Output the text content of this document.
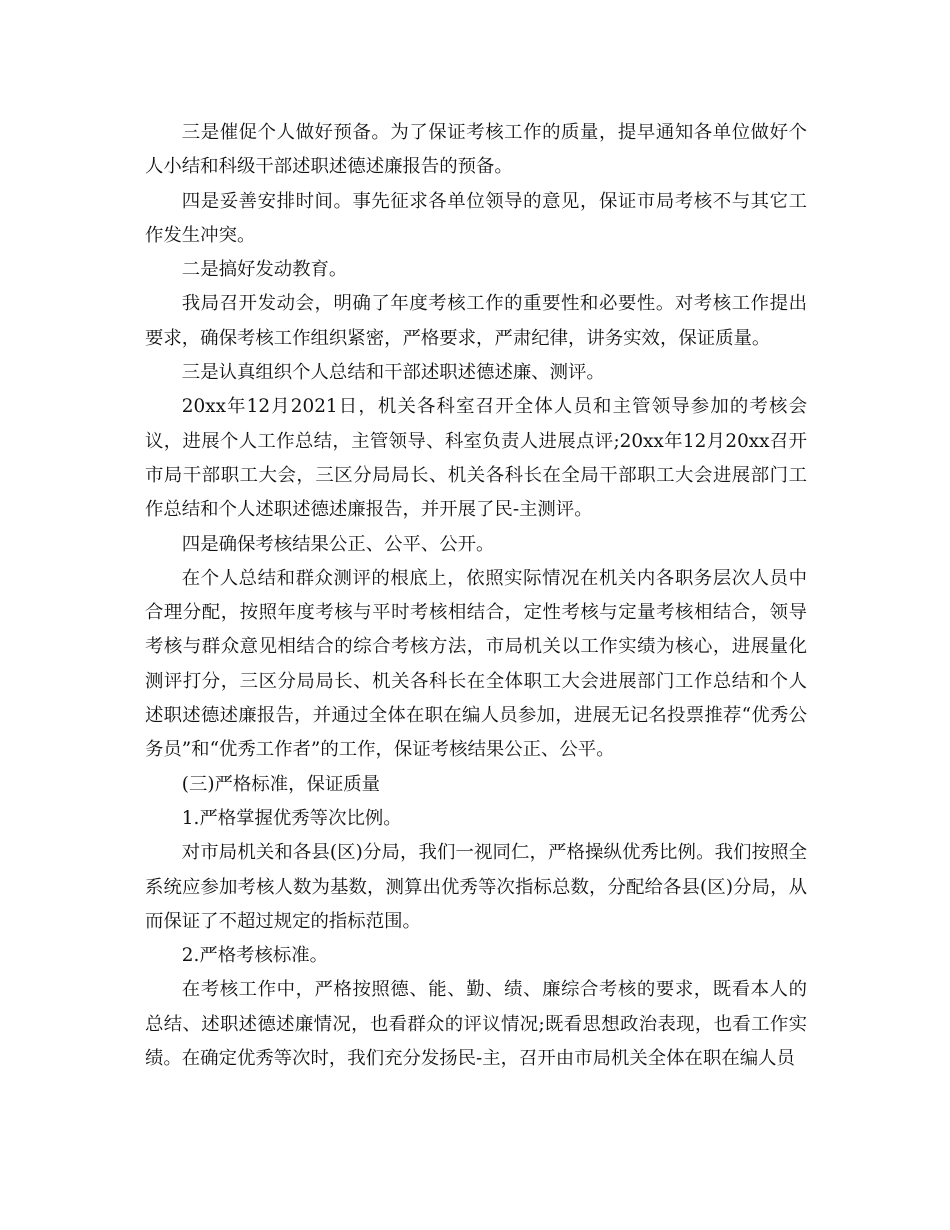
三是催促个人做好预备。为了保证考核工作的质量，提早通知各单位做好个人小结和科级干部述职述德述廉报告的预备。

四是妥善安排时间。事先征求各单位领导的意见，保证市局考核不与其它工作发生冲突。

二是搞好发动教育。

我局召开发动会，明确了年度考核工作的重要性和必要性。对考核工作提出要求，确保考核工作组织紧密，严格要求，严肃纪律，讲务实效，保证质量。

三是认真组织个人总结和干部述职述德述廉、测评。

20xx年12月2021日，机关各科室召开全体人员和主管领导参加的考核会议，进展个人工作总结，主管领导、科室负责人进展点评;20xx年12月20xx召开市局干部职工大会，三区分局局长、机关各科长在全局干部职工大会进展部门工作总结和个人述职述德述廉报告，并开展了民-主测评。

四是确保考核结果公正、公平、公开。

在个人总结和群众测评的根底上，依照实际情况在机关内各职务层次人员中合理分配，按照年度考核与平时考核相结合，定性考核与定量考核相结合，领导考核与群众意见相结合的综合考核方法，市局机关以工作实绩为核心，进展量化测评打分，三区分局局长、机关各科长在全体职工大会进展部门工作总结和个人述职述德述廉报告，并通过全体在职在编人员参加，进展无记名投票推荐“优秀公务员”和“优秀工作者”的工作，保证考核结果公正、公平。

(三)严格标准，保证质量

1.严格掌握优秀等次比例。

对市局机关和各县(区)分局，我们一视同仁，严格操纵优秀比例。我们按照全系统应参加考核人数为基数，测算出优秀等次指标总数，分配给各县(区)分局，从而保证了不超过规定的指标范围。

2.严格考核标准。

在考核工作中，严格按照德、能、勤、绩、廉综合考核的要求，既看本人的总结、述职述德述廉情况，也看群众的评议情况;既看思想政治表现，也看工作实绩。在确定优秀等次时，我们充分发扬民-主，召开由市局机关全体在职在编人员
